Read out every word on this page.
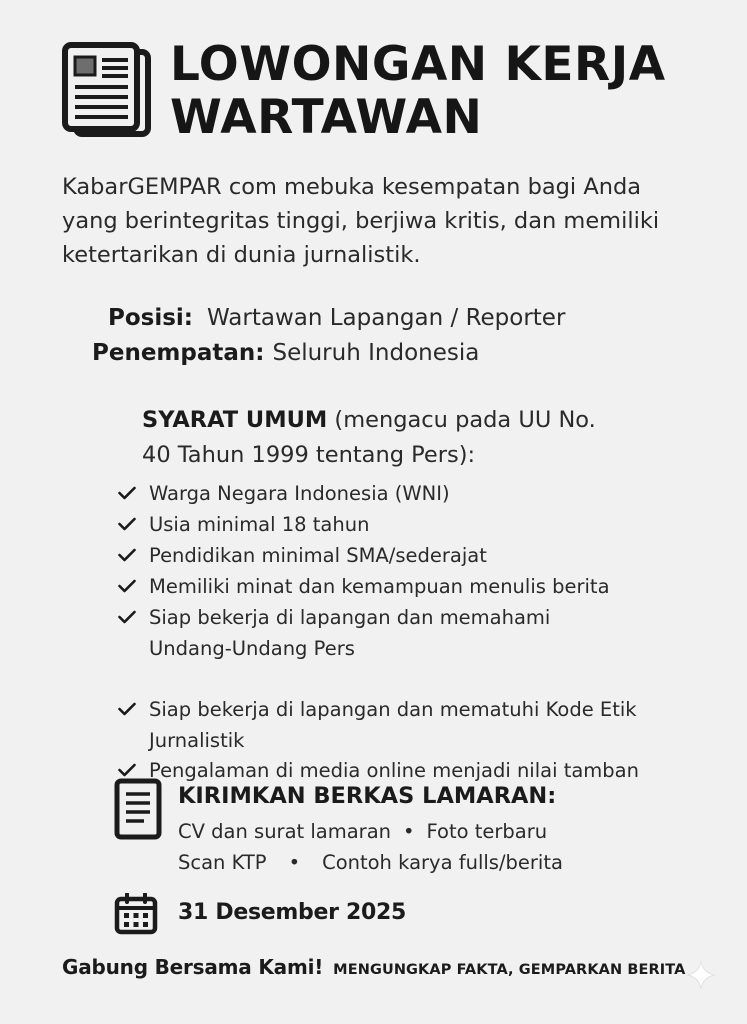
LOWONGAN KERJA
WARTAWAN
KabarGEMPAR com mebuka kesempatan bagi Anda
yang berintegritas tinggi, berjiwa kritis, dan memiliki
ketertarikan di dunia jurnalistik.
Posisi: Wartawan Lapangan / Reporter
Penempatan: Seluruh Indonesia
SYARAT UMUM (mengacu pada UU No.
40 Tahun 1999 tentang Pers):
Warga Negara Indonesia (WNI)
Usia minimal 18 tahun
Pendidikan minimal SMA/sederajat
Memiliki minat dan kemampuan menulis berita
Siap bekerja di lapangan dan memahami
Undang-Undang Pers
Siap bekerja di lapangan dan mematuhi Kode Etik
Jurnalistik
Pengalaman di media online menjadi nilai tamban
KIRIMKAN BERKAS LAMARAN:
CV dan surat lamaran • Foto terbaru
Scan KTP • Contoh karya fulls/berita
31 Desember 2025
Gabung Bersama Kami! MENGUNGKAP FAKTA, GEMPARKAN BERITA
